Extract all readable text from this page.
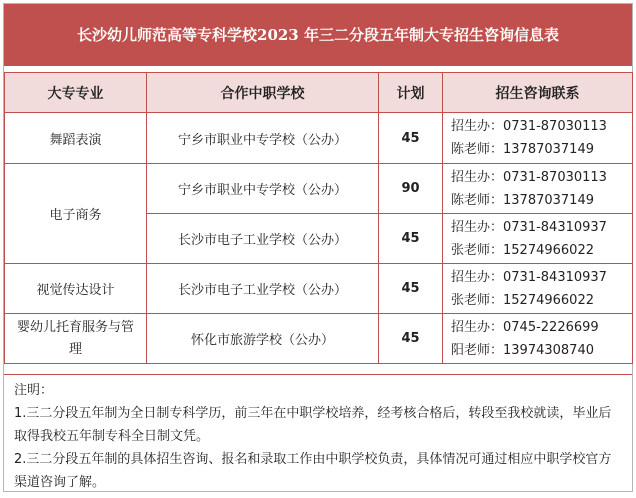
长沙幼儿师范高等专科学校2023 年三二分段五年制大专招生咨询信息表
大专专业	合作中职学校	计划	招生咨询联系
舞蹈表演	宁乡市职业中专学校（公办）	45	招生办：0731-87030113
陈老师：13787037149

电子商务	宁乡市职业中专学校（公办）	90	招生办：0731-87030113
陈老师：13787037149

	长沙市电子工业学校（公办）	45	招生办：0731-84310937
张老师：15274966022

视觉传达设计	长沙市电子工业学校（公办）	45	招生办：0731-84310937
张老师：15274966022

婴幼儿托育服务与管理	怀化市旅游学校（公办）	45	招生办：0745-2226699
阳老师：13974308740

注明：

1.三二分段五年制为全日制专科学历，前三年在中职学校培养，经考核合格后，转段至我校就读，毕业后取得我校五年制专科全日制文凭。

2.三二分段五年制的具体招生咨询、报名和录取工作由中职学校负责，具体情况可通过相应中职学校官方渠道咨询了解。
